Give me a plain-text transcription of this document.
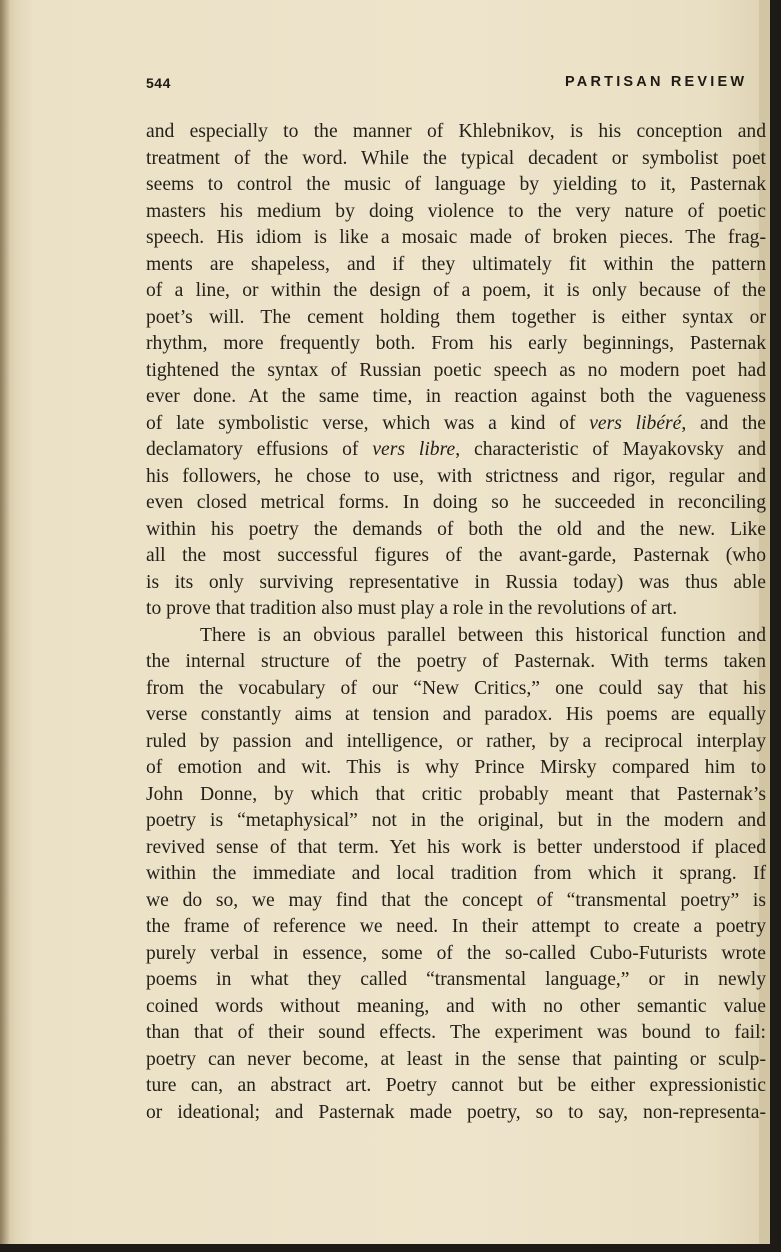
544	PARTISAN REVIEW
and especially to the manner of Khlebnikov, is his conception and
treatment of the word. While the typical decadent or symbolist poet
seems to control the music of language by yielding to it, Pasternak
masters his medium by doing violence to the very nature of poetic
speech. His idiom is like a mosaic made of broken pieces. The frag-
ments are shapeless, and if they ultimately fit within the pattern
of a line, or within the design of a poem, it is only because of the
poet’s will. The cement holding them together is either syntax or
rhythm, more frequently both. From his early beginnings, Pasternak
tightened the syntax of Russian poetic speech as no modern poet had
ever done. At the same time, in reaction against both the vagueness
of late symbolistic verse, which was a kind of vers libéré, and the
declamatory effusions of vers libre, characteristic of Mayakovsky and
his followers, he chose to use, with strictness and rigor, regular and
even closed metrical forms. In doing so he succeeded in reconciling
within his poetry the demands of both the old and the new. Like
all the most successful figures of the avant-garde, Pasternak (who
is its only surviving representative in Russia today) was thus able
to prove that tradition also must play a role in the revolutions of art.
There is an obvious parallel between this historical function and
the internal structure of the poetry of Pasternak. With terms taken
from the vocabulary of our “New Critics,” one could say that his
verse constantly aims at tension and paradox. His poems are equally
ruled by passion and intelligence, or rather, by a reciprocal interplay
of emotion and wit. This is why Prince Mirsky compared him to
John Donne, by which that critic probably meant that Pasternak’s
poetry is “metaphysical” not in the original, but in the modern and
revived sense of that term. Yet his work is better understood if placed
within the immediate and local tradition from which it sprang. If
we do so, we may find that the concept of “transmental poetry” is
the frame of reference we need. In their attempt to create a poetry
purely verbal in essence, some of the so-called Cubo-Futurists wrote
poems in what they called “transmental language,” or in newly
coined words without meaning, and with no other semantic value
than that of their sound effects. The experiment was bound to fail:
poetry can never become, at least in the sense that painting or sculp-
ture can, an abstract art. Poetry cannot but be either expressionistic
or ideational; and Pasternak made poetry, so to say, non-representa-
